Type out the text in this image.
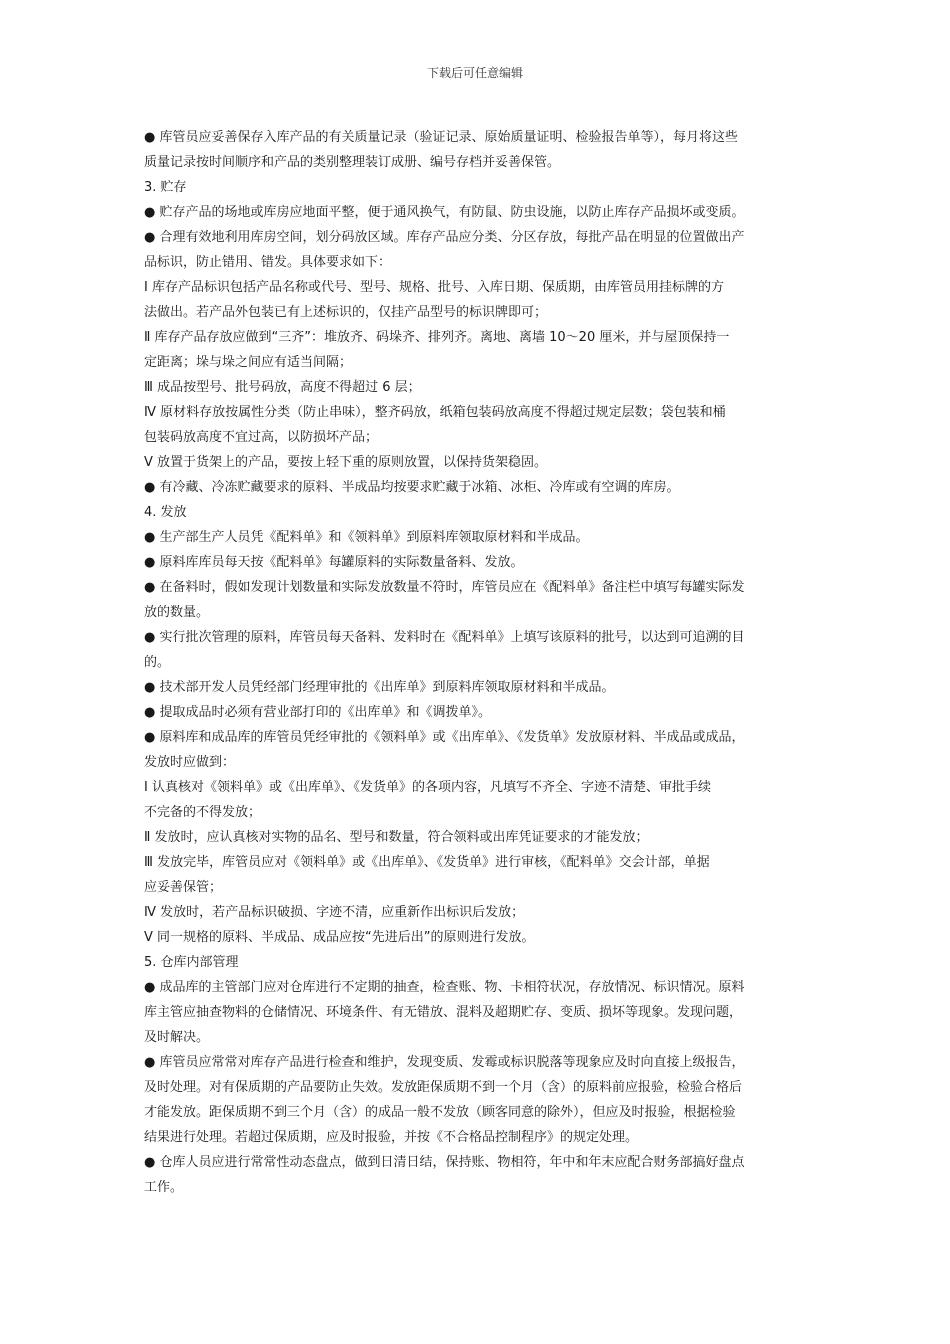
下载后可任意编辑

● 库管员应妥善保存入库产品的有关质量记录（验证记录、原始质量证明、检验报告单等），每月将这些

质量记录按时间顺序和产品的类别整理装订成册、编号存档并妥善保管。

3. 贮存

● 贮存产品的场地或库房应地面平整，便于通风换气，有防鼠、防虫设施，以防止库存产品损坏或变质。

● 合理有效地利用库房空间，划分码放区域。库存产品应分类、分区存放，每批产品在明显的位置做出产

品标识，防止错用、错发。具体要求如下：

Ⅰ 库存产品标识包括产品名称或代号、型号、规格、批号、入库日期、保质期，由库管员用挂标牌的方

法做出。若产品外包装已有上述标识的，仅挂产品型号的标识牌即可；

Ⅱ 库存产品存放应做到“三齐”：堆放齐、码垛齐、排列齐。离地、离墙 10～20 厘米，并与屋顶保持一

定距离；垛与垛之间应有适当间隔；

Ⅲ 成品按型号、批号码放，高度不得超过 6 层；

Ⅳ 原材料存放按属性分类（防止串味），整齐码放，纸箱包装码放高度不得超过规定层数；袋包装和桶

包装码放高度不宜过高，以防损坏产品；

Ⅴ 放置于货架上的产品，要按上轻下重的原则放置，以保持货架稳固。

● 有冷藏、冷冻贮藏要求的原料、半成品均按要求贮藏于冰箱、冰柜、冷库或有空调的库房。

4. 发放

● 生产部生产人员凭《配料单》和《领料单》到原料库领取原材料和半成品。

● 原料库库员每天按《配料单》每罐原料的实际数量备料、发放。

● 在备料时，假如发现计划数量和实际发放数量不符时，库管员应在《配料单》备注栏中填写每罐实际发

放的数量。

● 实行批次管理的原料，库管员每天备料、发料时在《配料单》上填写该原料的批号，以达到可追溯的目

的。

● 技术部开发人员凭经部门经理审批的《出库单》到原料库领取原材料和半成品。

● 提取成品时必须有营业部打印的《出库单》和《调拨单》。

● 原料库和成品库的库管员凭经审批的《领料单》或《出库单》、《发货单》发放原材料、半成品或成品，

发放时应做到：

Ⅰ 认真核对《领料单》或《出库单》、《发货单》的各项内容，凡填写不齐全、字迹不清楚、审批手续

不完备的不得发放；

Ⅱ 发放时，应认真核对实物的品名、型号和数量，符合领料或出库凭证要求的才能发放；

Ⅲ 发放完毕，库管员应对《领料单》或《出库单》、《发货单》进行审核，《配料单》交会计部，单据

应妥善保管；

Ⅳ 发放时，若产品标识破损、字迹不清，应重新作出标识后发放；

Ⅴ 同一规格的原料、半成品、成品应按“先进后出”的原则进行发放。

5. 仓库内部管理

● 成品库的主管部门应对仓库进行不定期的抽查，检查账、物、卡相符状况，存放情况、标识情况。原料

库主管应抽查物料的仓储情况、环境条件、有无错放、混料及超期贮存、变质、损坏等现象。发现问题，

及时解决。

● 库管员应常常对库存产品进行检查和维护，发现变质、发霉或标识脱落等现象应及时向直接上级报告，

及时处理。对有保质期的产品要防止失效。发放距保质期不到一个月（含）的原料前应报验，检验合格后

才能发放。距保质期不到三个月（含）的成品一般不发放（顾客同意的除外），但应及时报验，根据检验

结果进行处理。若超过保质期，应及时报验，并按《不合格品控制程序》的规定处理。

● 仓库人员应进行常常性动态盘点，做到日清日结，保持账、物相符，年中和年末应配合财务部搞好盘点

工作。
